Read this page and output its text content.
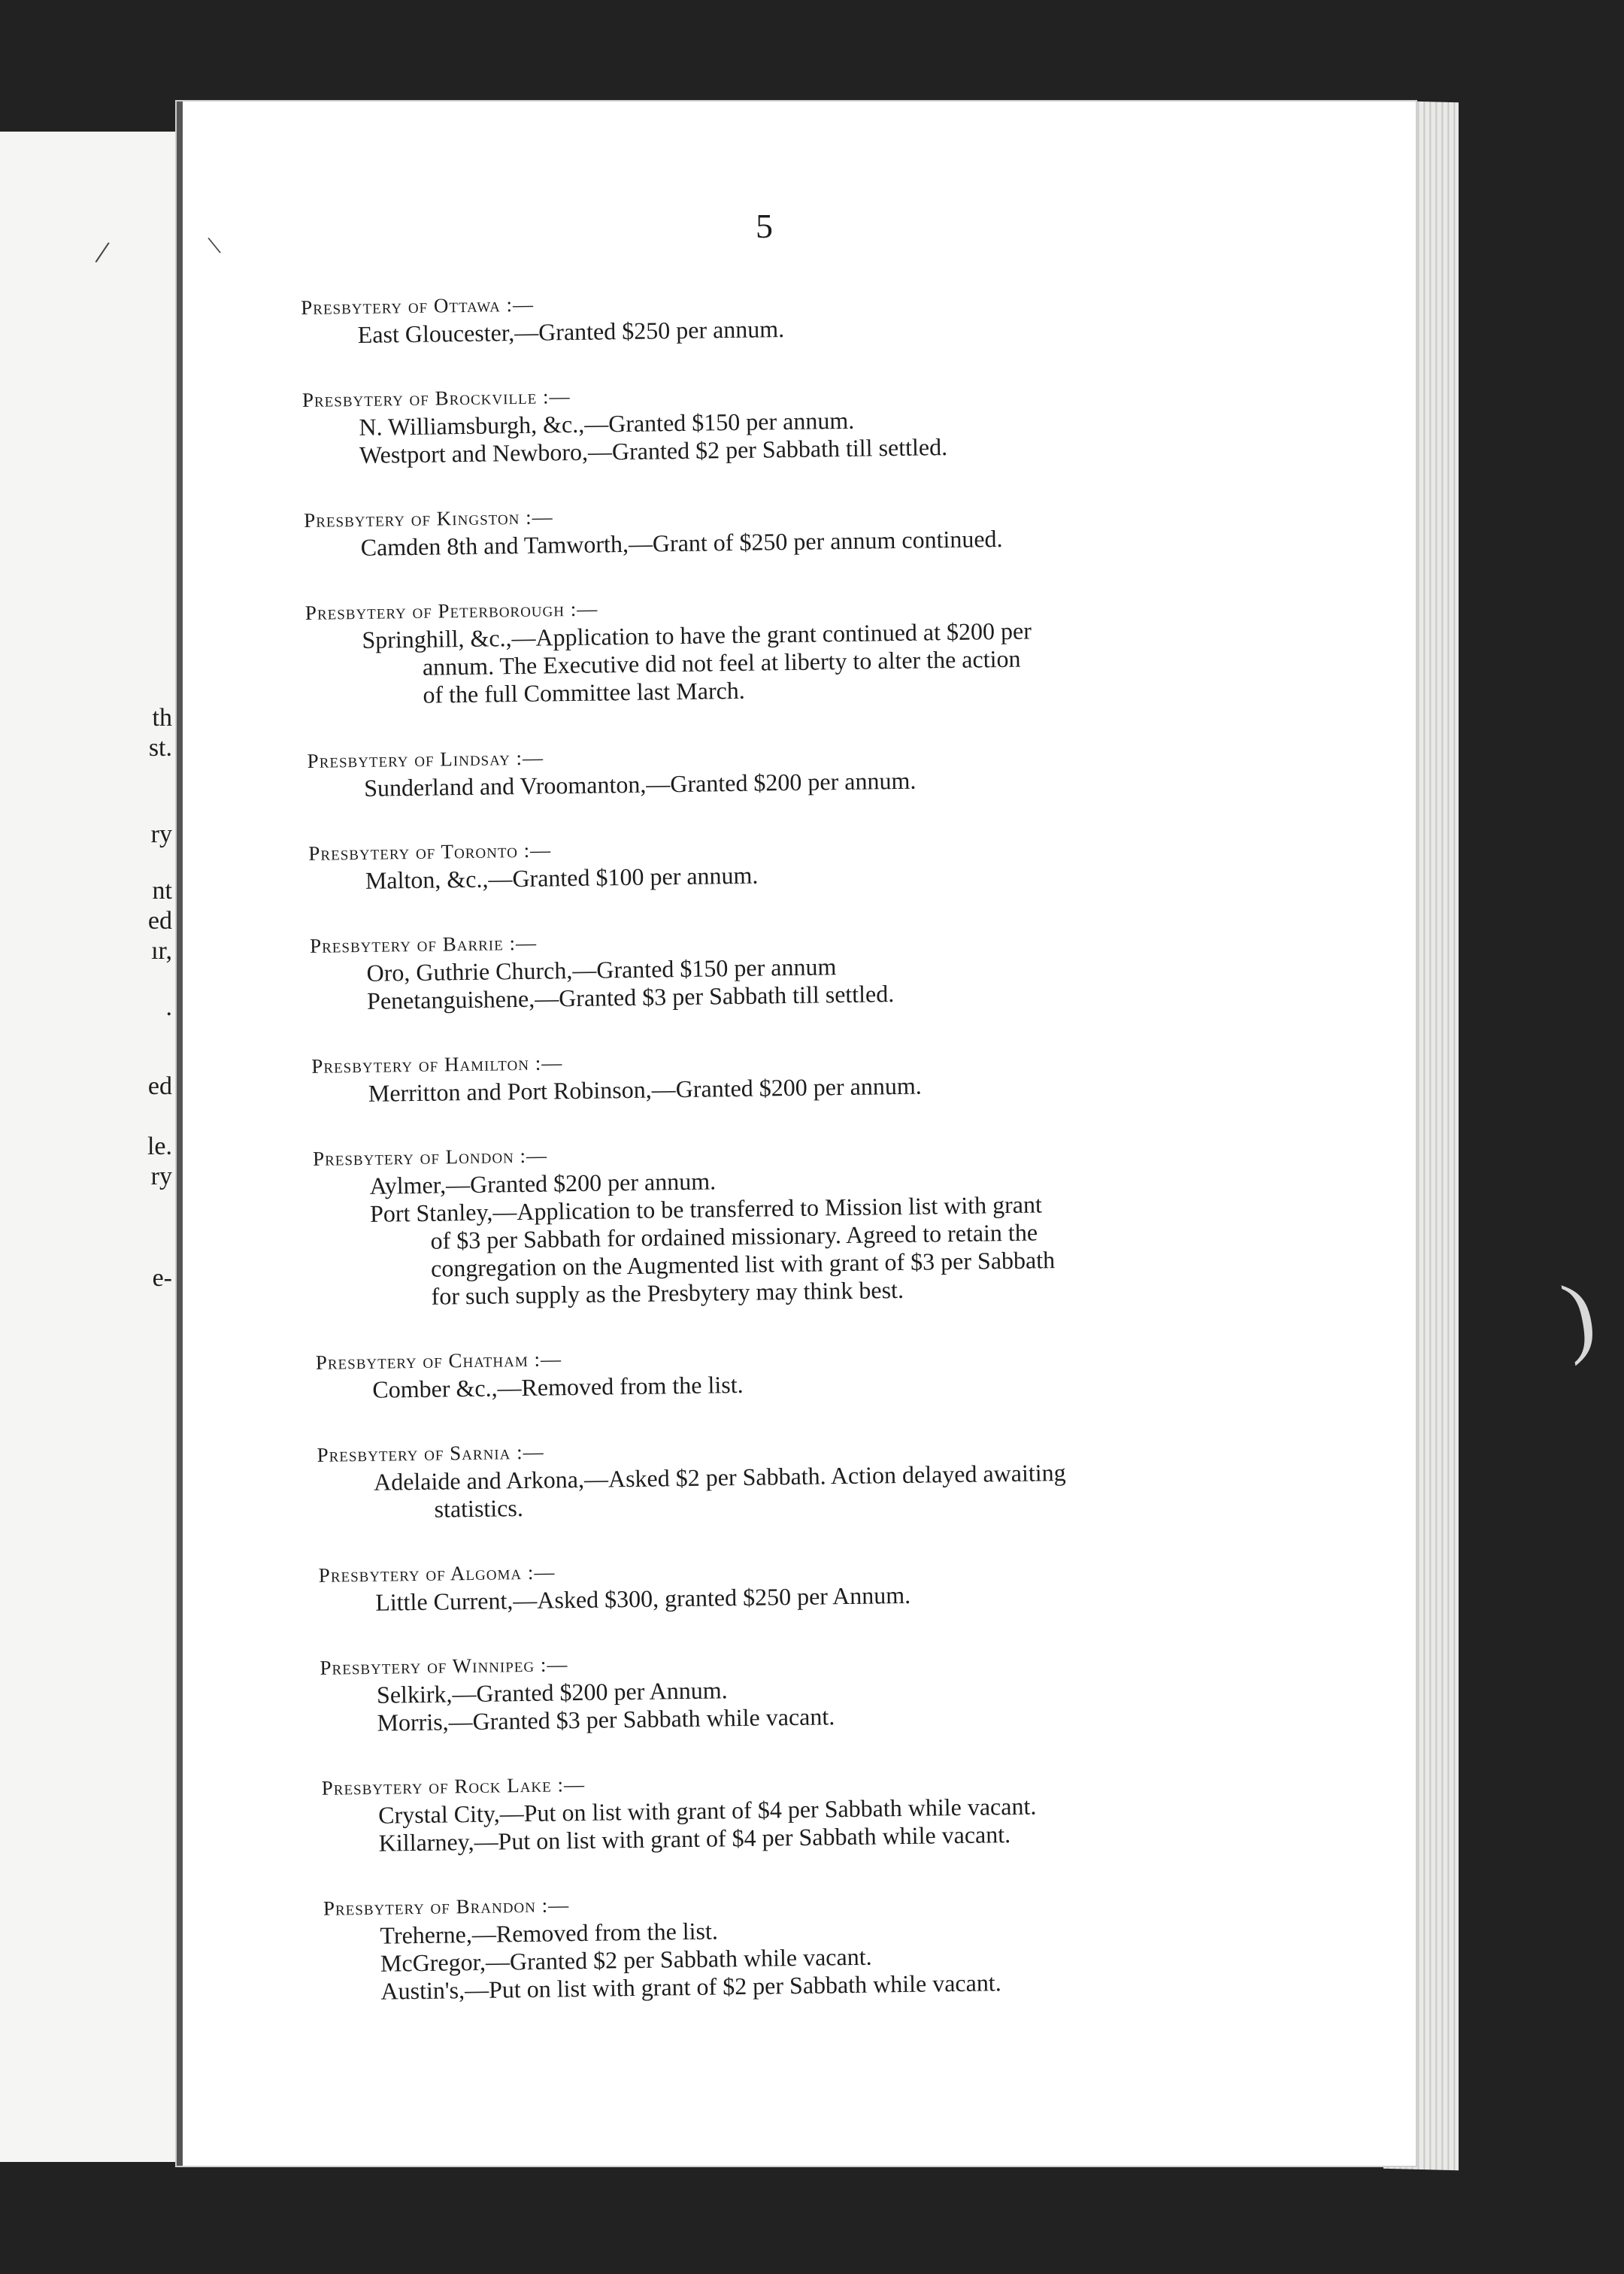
th
st.
ry
nt
ed
ır,
.
ed
le.
ry
e-
/	\
)
5
Presbytery of Ottawa :—
East Gloucester,—Granted $250 per annum.
Presbytery of Brockville :—
N. Williamsburgh, &c.,—Granted $150 per annum.
Westport and Newboro,—Granted $2 per Sabbath till settled.
Presbytery of Kingston :—
Camden 8th and Tamworth,—Grant of $250 per annum continued.
Presbytery of Peterborough :—
Springhill, &c.,—Application to have the grant continued at $200 per
annum. The Executive did not feel at liberty to alter the action
of the full Committee last March.
Presbytery of Lindsay :—
Sunderland and Vroomanton,—Granted $200 per annum.
Presbytery of Toronto :—
Malton, &c.,—Granted $100 per annum.
Presbytery of Barrie :—
Oro, Guthrie Church,—Granted $150 per annum
Penetanguishene,—Granted $3 per Sabbath till settled.
Presbytery of Hamilton :—
Merritton and Port Robinson,—Granted $200 per annum.
Presbytery of London :—
Aylmer,—Granted $200 per annum.
Port Stanley,—Application to be transferred to Mission list with grant
of $3 per Sabbath for ordained missionary. Agreed to retain the
congregation on the Augmented list with grant of $3 per Sabbath
for such supply as the Presbytery may think best.
Presbytery of Chatham :—
Comber &c.,—Removed from the list.
Presbytery of Sarnia :—
Adelaide and Arkona,—Asked $2 per Sabbath. Action delayed awaiting
statistics.
Presbytery of Algoma :—
Little Current,—Asked $300, granted $250 per Annum.
Presbytery of Winnipeg :—
Selkirk,—Granted $200 per Annum.
Morris,—Granted $3 per Sabbath while vacant.
Presbytery of Rock Lake :—
Crystal City,—Put on list with grant of $4 per Sabbath while vacant.
Killarney,—Put on list with grant of $4 per Sabbath while vacant.
Presbytery of Brandon :—
Treherne,—Removed from the list.
McGregor,—Granted $2 per Sabbath while vacant.
Austin's,—Put on list with grant of $2 per Sabbath while vacant.
